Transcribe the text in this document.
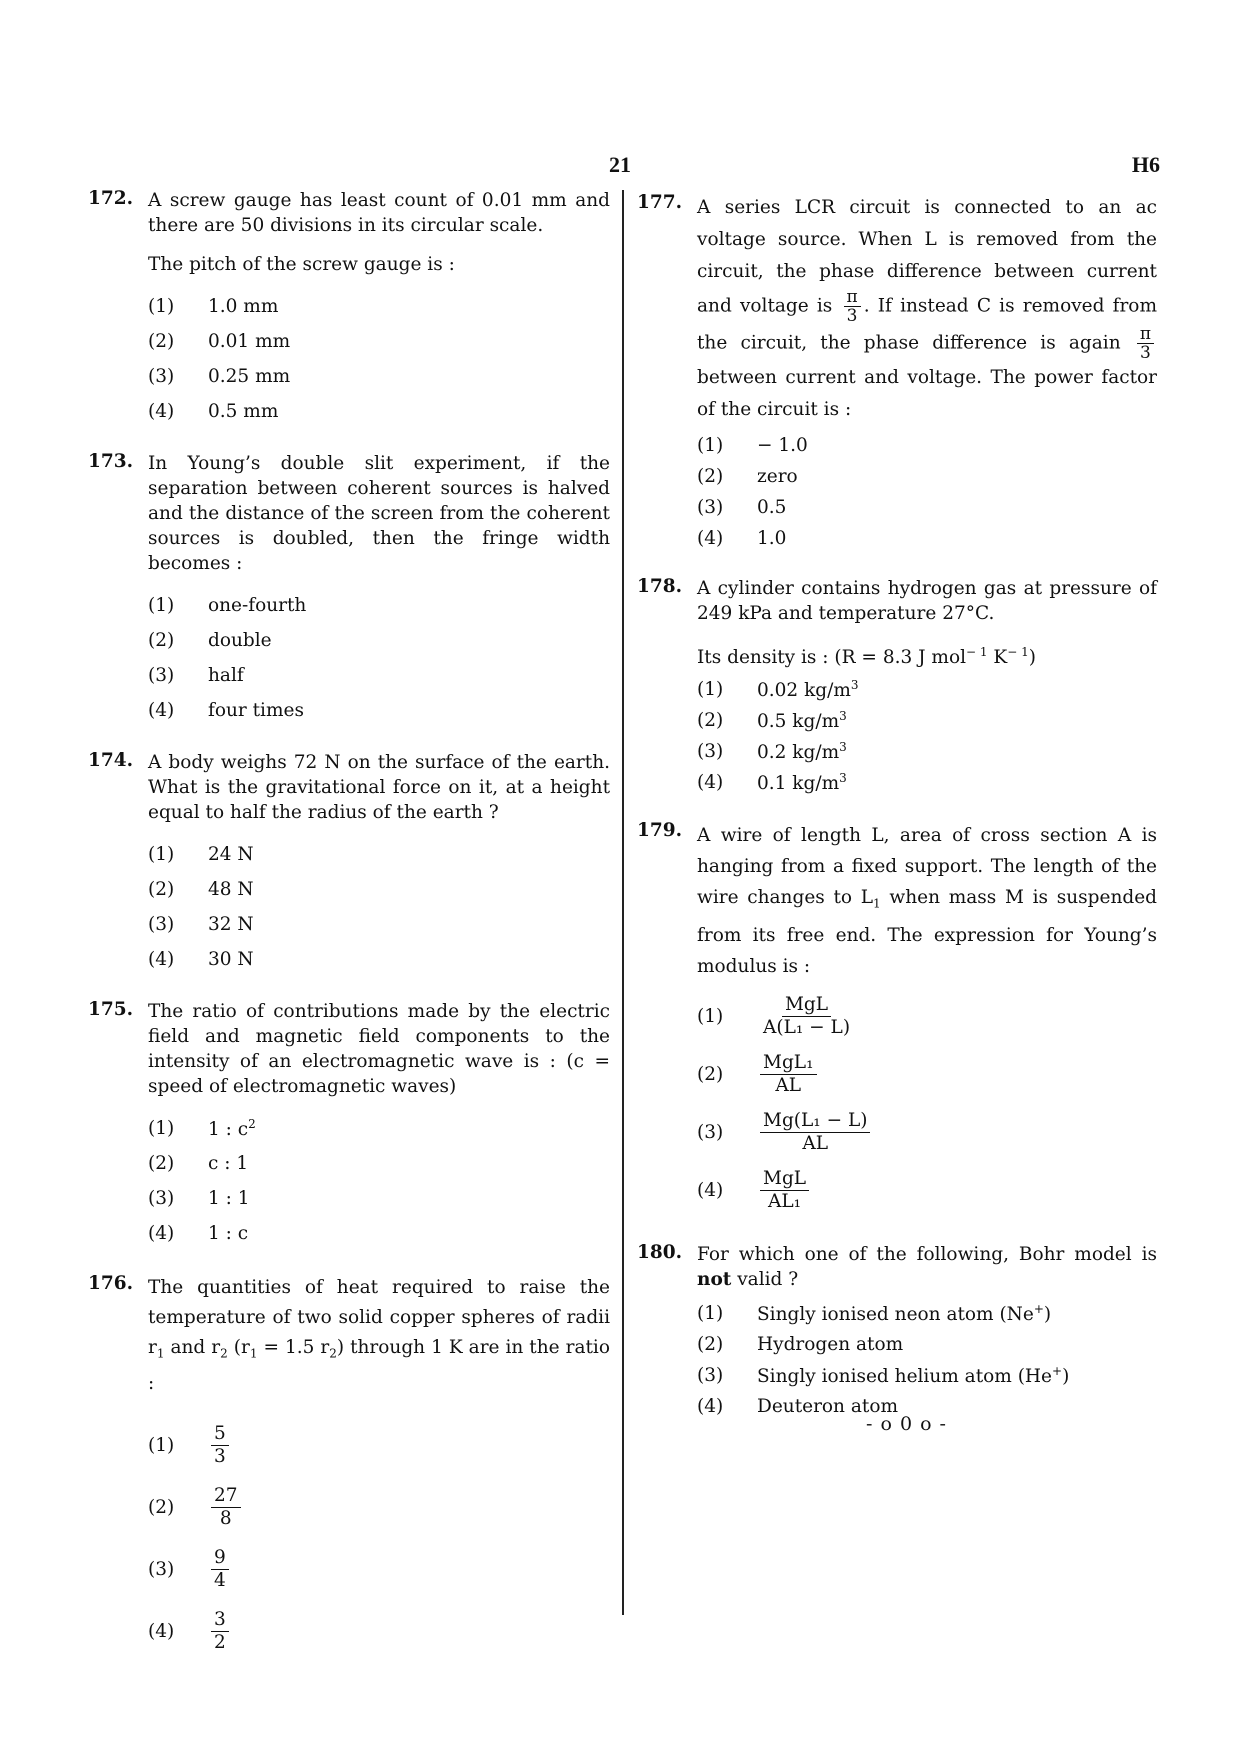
21	H6
172. A screw gauge has least count of 0.01 mm and there are 50 divisions in its circular scale.

The pitch of the screw gauge is :

(1)	1.0 mm
(2)	0.01 mm
(3)	0.25 mm
(4)	0.5 mm
173. In Young’s double slit experiment, if the separation between coherent sources is halved and the distance of the screen from the coherent sources is doubled, then the fringe width becomes :

(1)	one-fourth
(2)	double
(3)	half
(4)	four times
174. A body weighs 72 N on the surface of the earth. What is the gravitational force on it, at a height equal to half the radius of the earth ?

(1)	24 N
(2)	48 N
(3)	32 N
(4)	30 N
175. The ratio of contributions made by the electric field and magnetic field components to the intensity of an electromagnetic wave is : (c = speed of electromagnetic waves)

(1)	1 : $c^2$
(2)	c : 1
(3)	1 : 1
(4)	1 : c
176. The quantities of heat required to raise the temperature of two solid copper spheres of radii $r_1$ and $r_2$ ($r_1 = 1.5$ $r_2$) through 1 K are in the ratio :

(1)	$\frac{5}{3}$
(2)	$\frac{27}{8}$
(3)	$\frac{9}{4}$
(4)	$\frac{3}{2}$
177. A series LCR circuit is connected to an ac voltage source. When L is removed from the circuit, the phase difference between current and voltage is $\frac{\pi}{3}$ . If instead C is removed from the circuit, the phase difference is again $\frac{\pi}{3}$
between current and voltage. The power factor of the circuit is :

(1)	− 1.0
(2)	zero
(3)	0.5
(4)	1.0
178. A cylinder contains hydrogen gas at pressure of 249 kPa and temperature 27°C.

Its density is : (R = 8.3 J mol$^{- 1}$ $K^{- 1}$)

(1)	0.02 $kg/m^3$
(2)	0.5 $kg/m^3$
(3)	0.2 $kg/m^3$
(4)	0.1 $kg/m^3$
179. A wire of length L, area of cross section A is hanging from a fixed support. The length of the wire changes to $L_1$ when mass M is suspended from its free end. The expression for Young’s modulus is :

(1)	$\frac{\text{MgL}}{\text{A(L₁ − L)}}$
(2)	$\frac{\text{MgL₁}}{AL}$
(3)	$\frac{\text{Mg(L₁ − L)}}{AL}$
(4)	$\frac{\text{MgL}}{\text{AL₁}}$
180. For which one of the following, Bohr model is not valid ?

(1)	Singly ionised neon atom (Ne+)
(2)	Hydrogen atom
(3)	Singly ionised helium atom (He+)
(4)	Deuteron atom
- o 0 o -
